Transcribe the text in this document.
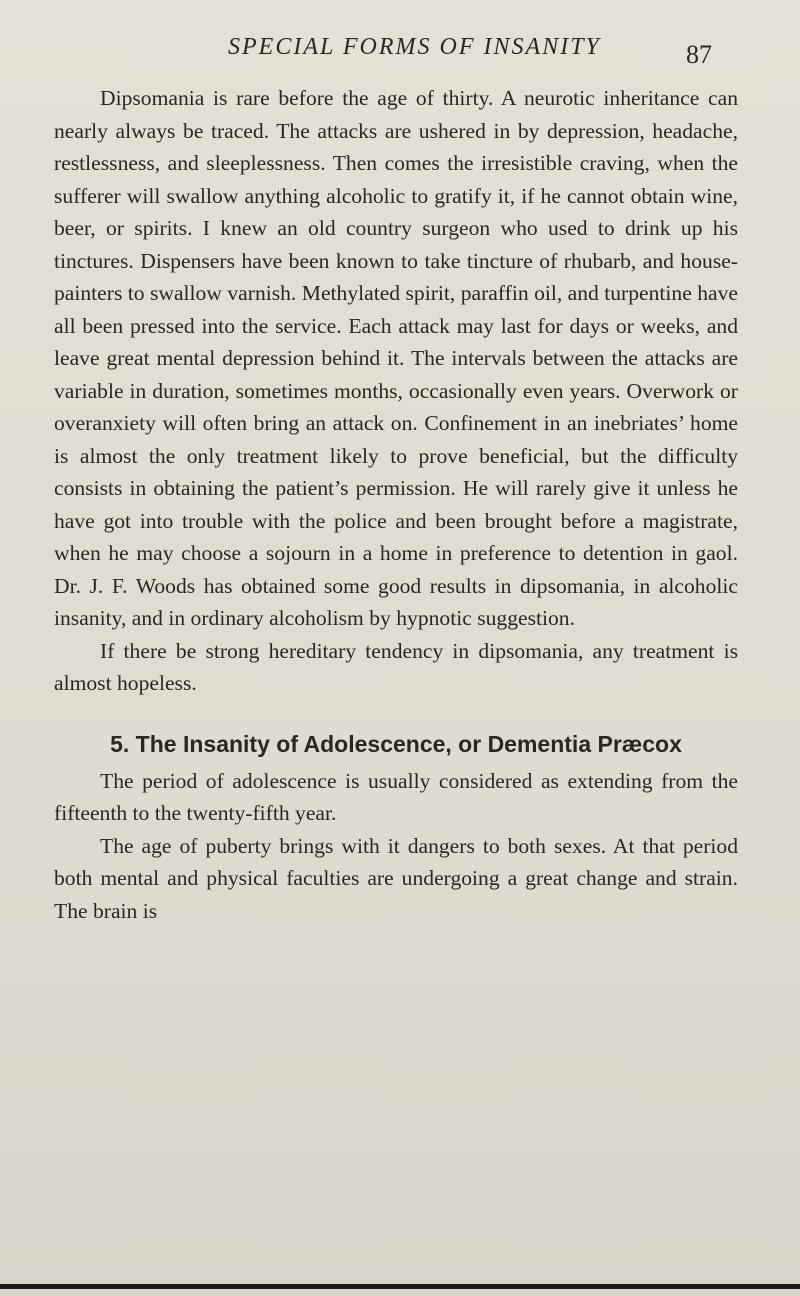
SPECIAL FORMS OF INSANITY	87

Dipsomania is rare before the age of thirty. A neurotic inheritance can nearly always be traced. The attacks are ushered in by depression, headache, restlessness, and sleeplessness. Then comes the irresistible craving, when the sufferer will swallow anything alcoholic to gratify it, if he cannot obtain wine, beer, or spirits. I knew an old country surgeon who used to drink up his tinctures. Dispensers have been known to take tincture of rhubarb, and house-painters to swallow varnish. Methylated spirit, paraffin oil, and turpentine have all been pressed into the service. Each attack may last for days or weeks, and leave great mental depression behind it. The intervals between the attacks are variable in duration, sometimes months, occasionally even years. Overwork or overanxiety will often bring an attack on. Confinement in an inebriates’ home is almost the only treatment likely to prove beneficial, but the difficulty consists in obtaining the patient’s permission. He will rarely give it unless he have got into trouble with the police and been brought before a magistrate, when he may choose a sojourn in a home in preference to detention in gaol. Dr. J. F. Woods has obtained some good results in dipsomania, in alcoholic insanity, and in ordinary alcoholism by hypnotic suggestion.

If there be strong hereditary tendency in dipsomania, any treatment is almost hopeless.

5. The Insanity of Adolescence, or Dementia Præcox

The period of adolescence is usually considered as extending from the fifteenth to the twenty-fifth year.

The age of puberty brings with it dangers to both sexes. At that period both mental and physical faculties are undergoing a great change and strain. The brain is
